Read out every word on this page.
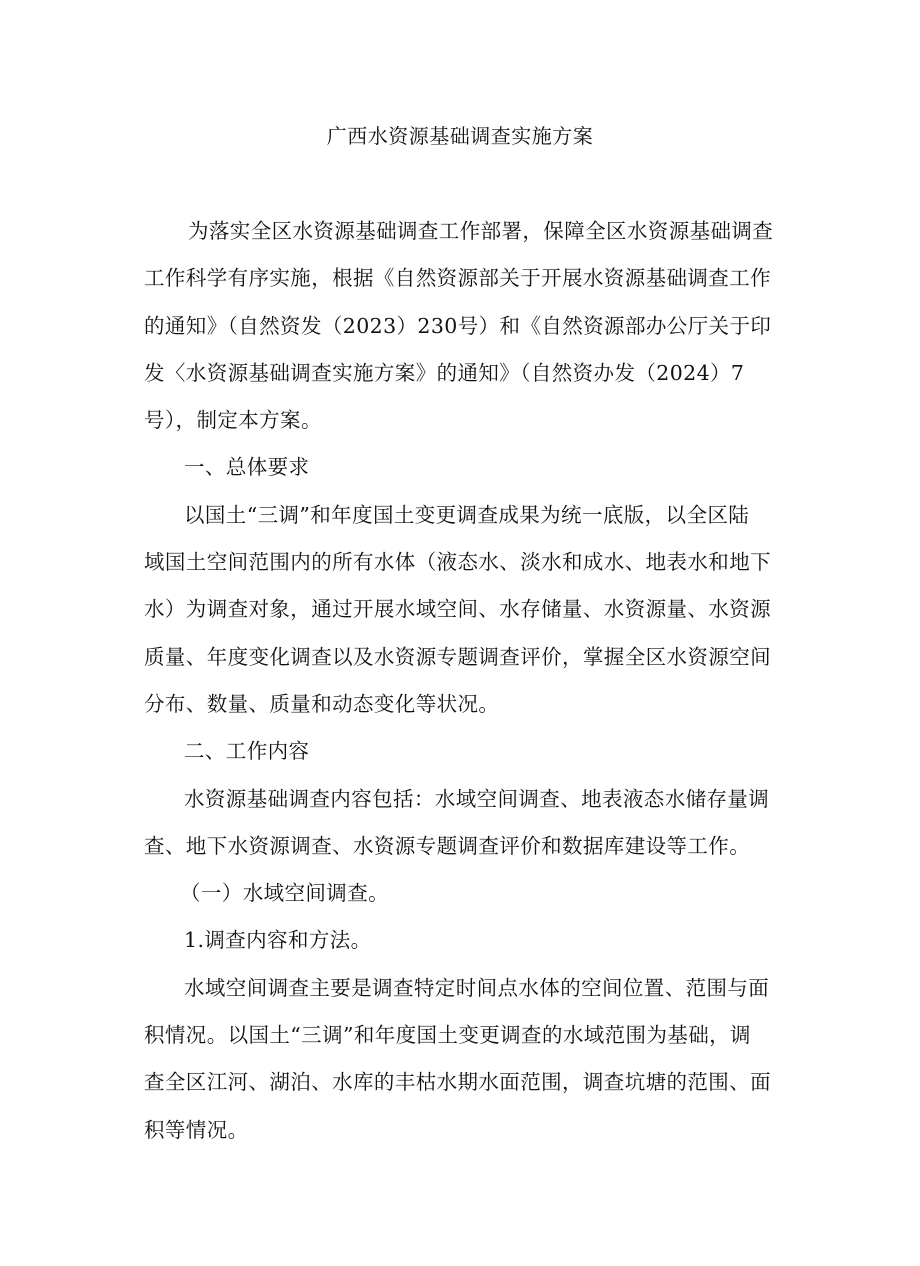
广西水资源基础调查实施方案
为落实全区水资源基础调查工作部署，保障全区水资源基础调查
工作科学有序实施，根据《自然资源部关于开展水资源基础调查工作
的通知》（自然资发（2023）230号）和《自然资源部办公厅关于印
发〈水资源基础调查实施方案》的通知》（自然资办发（2024）7
号），制定本方案。
一、总体要求
以国土“三调”和年度国土变更调查成果为统一底版，以全区陆
域国土空间范围内的所有水体（液态水、淡水和成水、地表水和地下
水）为调查对象，通过开展水域空间、水存储量、水资源量、水资源
质量、年度变化调查以及水资源专题调查评价，掌握全区水资源空间
分布、数量、质量和动态变化等状况。
二、工作内容
水资源基础调查内容包括：水域空间调查、地表液态水储存量调
查、地下水资源调查、水资源专题调查评价和数据库建设等工作。
（一）水域空间调查。
1.调查内容和方法。
水域空间调查主要是调查特定时间点水体的空间位置、范围与面
积情况。以国土“三调”和年度国土变更调查的水域范围为基础，调
查全区江河、湖泊、水库的丰枯水期水面范围，调查坑塘的范围、面
积等情况。
